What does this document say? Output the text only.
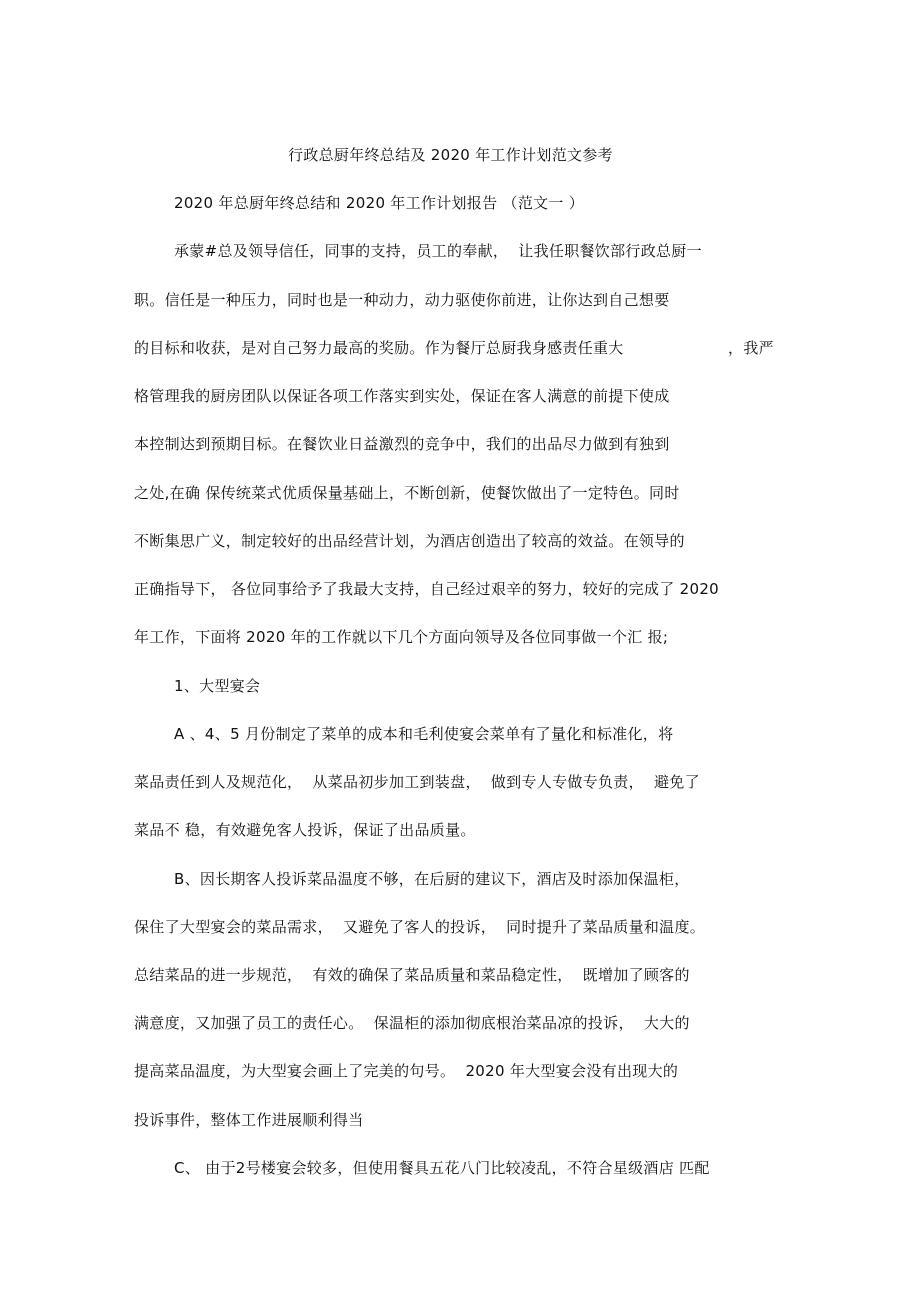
行政总厨年终总结及 2020 年工作计划范文参考
2020 年总厨年终总结和 2020 年工作计划报告 （范文一 ）
承蒙#总及领导信任，同事的支持，员工的奉献，  让我任职餐饮部行政总厨一
职。信任是一种压力，同时也是一种动力，动力驱使你前进，让你达到自己想要
的目标和收获，是对自己努力最高的奖励。作为餐厅总厨我身感责任重大	，我严
格管理我的厨房团队以保证各项工作落实到实处，保证在客人满意的前提下使成
本控制达到预期目标。在餐饮业日益激烈的竞争中，我们的出品尽力做到有独到
之处,在确 保传统菜式优质保量基础上，不断创新，使餐饮做出了一定特色。同时
不断集思广义，制定较好的出品经营计划，为酒店创造出了较高的效益。在领导的
正确指导下， 各位同事给予了我最大支持，自己经过艰辛的努力，较好的完成了 2020
年工作，下面将 2020 年的工作就以下几个方面向领导及各位同事做一个汇 报;
1、大型宴会
A 、4、5 月份制定了菜单的成本和毛利使宴会菜单有了量化和标准化，将
菜品责任到人及规范化，  从菜品初步加工到装盘，  做到专人专做专负责，  避免了
菜品不 稳，有效避免客人投诉，保证了出品质量。
B、因长期客人投诉菜品温度不够，在后厨的建议下，酒店及时添加保温柜，
保住了大型宴会的菜品需求，  又避免了客人的投诉，  同时提升了菜品质量和温度。
总结菜品的进一步规范，  有效的确保了菜品质量和菜品稳定性，  既增加了顾客的
满意度，又加强了员工的责任心。  保温柜的添加彻底根治菜品凉的投诉，  大大的
提高菜品温度，为大型宴会画上了完美的句号。  2020 年大型宴会没有出现大的
投诉事件，整体工作进展顺利得当
C、 由于2号楼宴会较多，但使用餐具五花八门比较凌乱，不符合星级酒店 匹配
